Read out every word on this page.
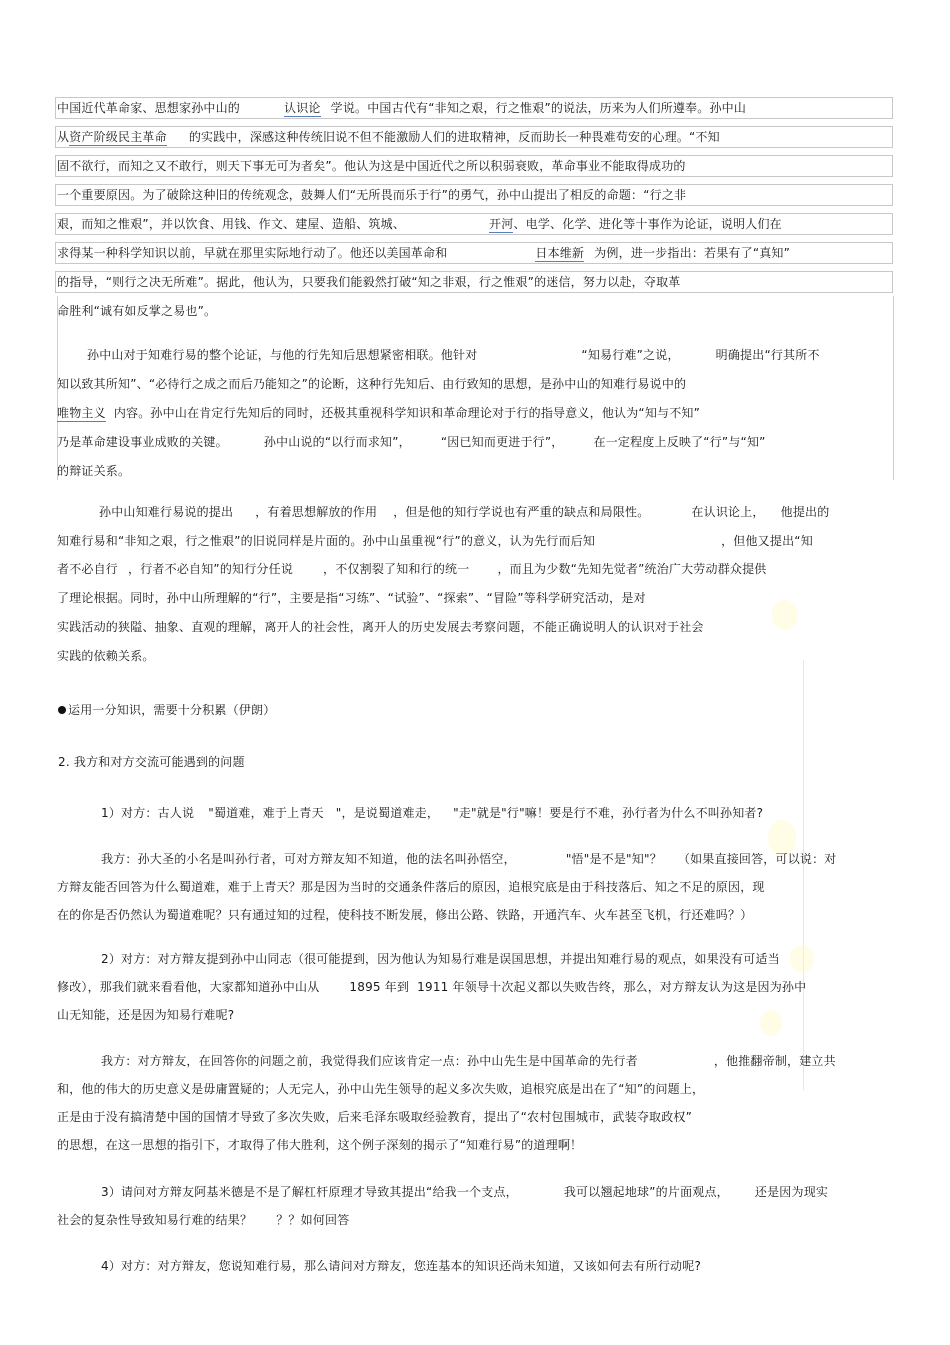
中国近代革命家、思想家孙中山的	认识论 学说。中国古代有“非知之艰，行之惟艰”的说法，历来为人们所遵奉。孙中山
从资产阶级民主革命 的实践中，深感这种传统旧说不但不能激励人们的进取精神，反而助长一种畏难苟安的心理。“不知
固不欲行，而知之又不敢行，则天下事无可为者矣”。他认为这是中国近代之所以积弱衰败，革命事业不能取得成功的
一个重要原因。为了破除这种旧的传统观念，鼓舞人们“无所畏而乐于行”的勇气，孙中山提出了相反的命题：“行之非
艰，而知之惟艰”，并以饮食、用钱、作文、建屋、造船、筑城、	开河、电学、化学、进化等十事作为论证，说明人们在
求得某一种科学知识以前，早就在那里实际地行动了。他还以美国革命和	日本维新 为例，进一步指出：若果有了“真知”
的指导，“则行之决无所难”。据此，他认为，只要我们能毅然打破“知之非艰，行之惟艰”的迷信，努力以赴，夺取革
命胜利“诚有如反掌之易也”。
孙中山对于知难行易的整个论证，与他的行先知后思想紧密相联。他针对	“知易行难”之说，	明确提出“行其所不
知以致其所知”、“必待行之成之而后乃能知之”的论断，这种行先知后、由行致知的思想，是孙中山的知难行易说中的
唯物主义 内容。孙中山在肯定行先知后的同时，还极其重视科学知识和革命理论对于行的指导意义，他认为“知与不知”
乃是革命建设事业成败的关键。	孙中山说的“以行而求知”，	“因已知而更进于行”，	在一定程度上反映了“行”与“知”
的辩证关系。
孙中山知难行易说的提出 ，有着思想解放的作用 ，但是他的知行学说也有严重的缺点和局限性。	在认识论上， 他提出的
知难行易和“非知之艰，行之惟艰”的旧说同样是片面的。孙中山虽重视“行”的意义，认为先行而后知	，但他又提出“知
者不必自行 ，行者不必自知”的知行分任说	，不仅割裂了知和行的统一 ，而且为少数“先知先觉者”统治广大劳动群众提供
了理论根据。同时，孙中山所理解的“行”，主要是指“习练”、“试验”、“探索”、“冒险”等科学研究活动，是对
实践活动的狭隘、抽象、直观的理解，离开人的社会性，离开人的历史发展去考察问题，不能正确说明人的认识对于社会
实践的依赖关系。
运用一分知识，需要十分积累（伊朗）
2. 我方和对方交流可能遇到的问题
1）对方：古人说 "蜀道难，难于上青天 "，是说蜀道难走， "走"就是"行"嘛！要是行不难，孙行者为什么不叫孙知者?
我方：孙大圣的小名是叫孙行者，可对方辩友知不知道，他的法名叫孙悟空，	"悟"是不是"知"？ （如果直接回答，可以说：对
方辩友能否回答为什么蜀道难，难于上青天？那是因为当时的交通条件落后的原因，追根究底是由于科技落后、知之不足的原因，现
在的你是否仍然认为蜀道难呢？只有通过知的过程，使科技不断发展，修出公路、铁路，开通汽车、火车甚至飞机，行还难吗？）
2）对方：对方辩友提到孙中山同志（很可能提到，因为他认为知易行难是误国思想，并提出知难行易的观点，如果没有可适当
修改），那我们就来看看他，大家都知道孙中山从	1895 年到 1911 年领导十次起义都以失败告终，那么，对方辩友认为这是因为孙中
山无知能，还是因为知易行难呢?
我方：对方辩友，在回答你的问题之前，我觉得我们应该肯定一点：孙中山先生是中国革命的先行者	，他推翻帝制，建立共
和，他的伟大的历史意义是毋庸置疑的；人无完人，孙中山先生领导的起义多次失败，追根究底是出在了“知”的问题上，
正是由于没有搞清楚中国的国情才导致了多次失败，后来毛泽东吸取经验教育，提出了“农村包围城市，武装夺取政权”
的思想，在这一思想的指引下，才取得了伟大胜利，这个例子深刻的揭示了“知难行易”的道理啊！
3）请问对方辩友阿基米德是不是了解杠杆原理才导致其提出“给我一个支点，	我可以翘起地球”的片面观点， 还是因为现实
社会的复杂性导致知易行难的结果？ ？？如何回答
4）对方：对方辩友，您说知难行易，那么请问对方辩友，您连基本的知识还尚未知道，又该如何去有所行动呢?
